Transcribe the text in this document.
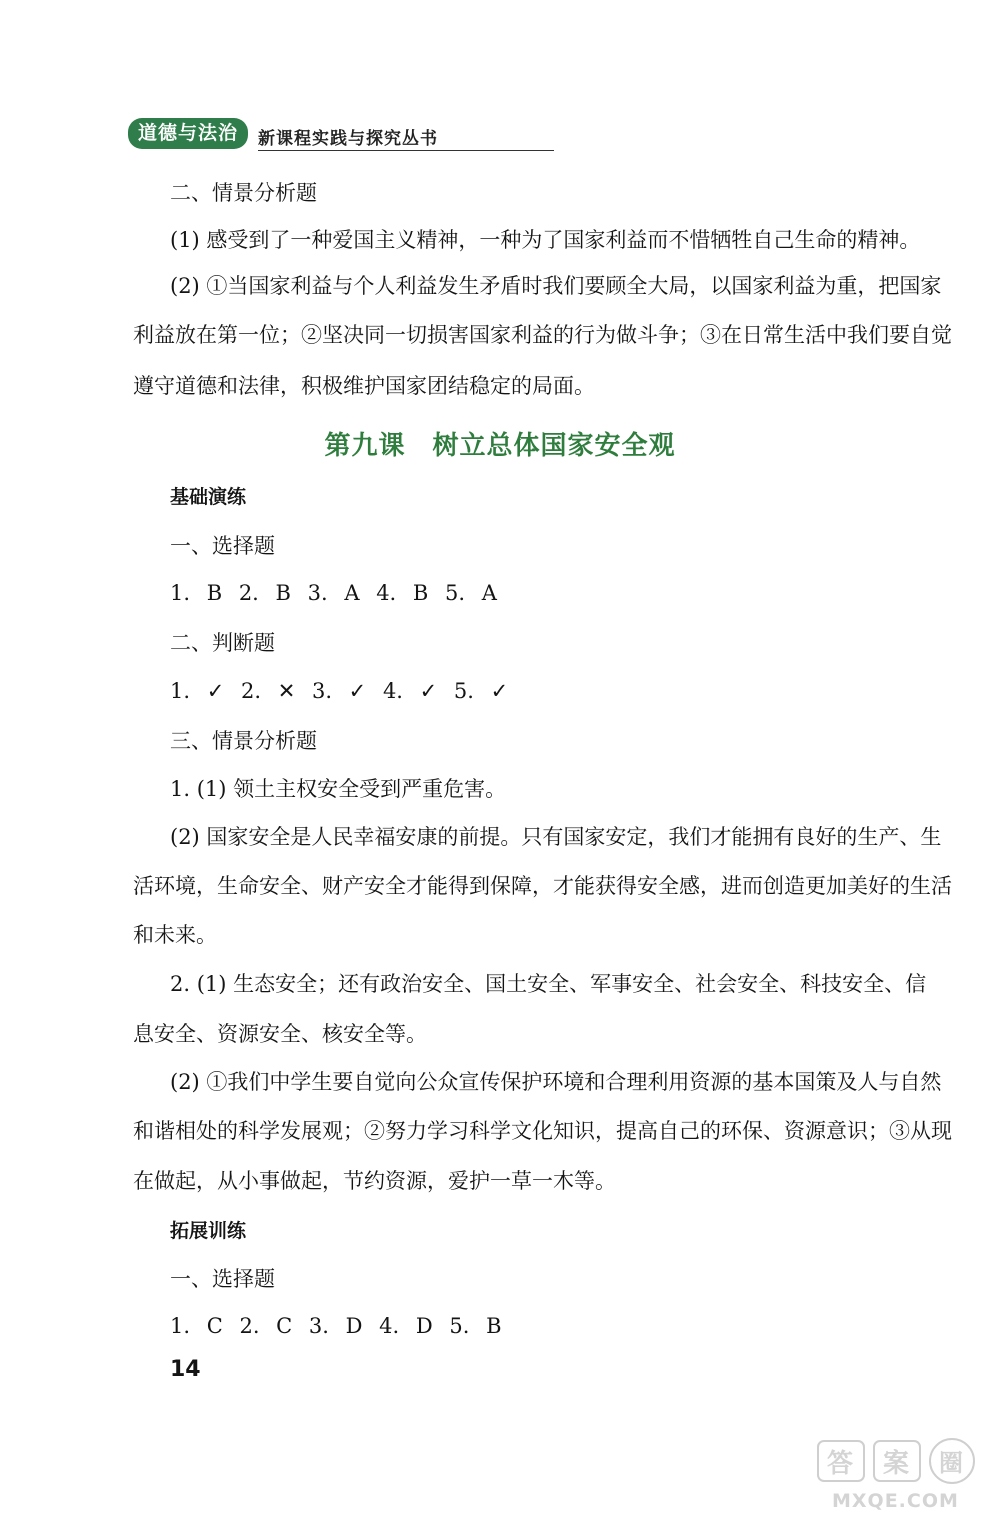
道德与法治	新课程实践与探究丛书
二、情景分析题
(1) 感受到了一种爱国主义精神，一种为了国家利益而不惜牺牲自己生命的精神。
(2) ①当国家利益与个人利益发生矛盾时我们要顾全大局，以国家利益为重，把国家
利益放在第一位；②坚决同一切损害国家利益的行为做斗争；③在日常生活中我们要自觉
遵守道德和法律，积极维护国家团结稳定的局面。
第九课　树立总体国家安全观
基础演练
一、选择题
1. B 2. B 3. A 4. B 5. A
二、判断题
1. ✓ 2. ✕ 3. ✓ 4. ✓ 5. ✓
三、情景分析题
1. (1) 领土主权安全受到严重危害。
(2) 国家安全是人民幸福安康的前提。只有国家安定，我们才能拥有良好的生产、生
活环境，生命安全、财产安全才能得到保障，才能获得安全感，进而创造更加美好的生活
和未来。
2. (1) 生态安全；还有政治安全、国土安全、军事安全、社会安全、科技安全、信
息安全、资源安全、核安全等。
(2) ①我们中学生要自觉向公众宣传保护环境和合理利用资源的基本国策及人与自然
和谐相处的科学发展观；②努力学习科学文化知识，提高自己的环保、资源意识；③从现
在做起，从小事做起，节约资源，爱护一草一木等。
拓展训练
一、选择题
1. C 2. C 3. D 4. D 5. B
14
答 案 圈
MXQE.COM
